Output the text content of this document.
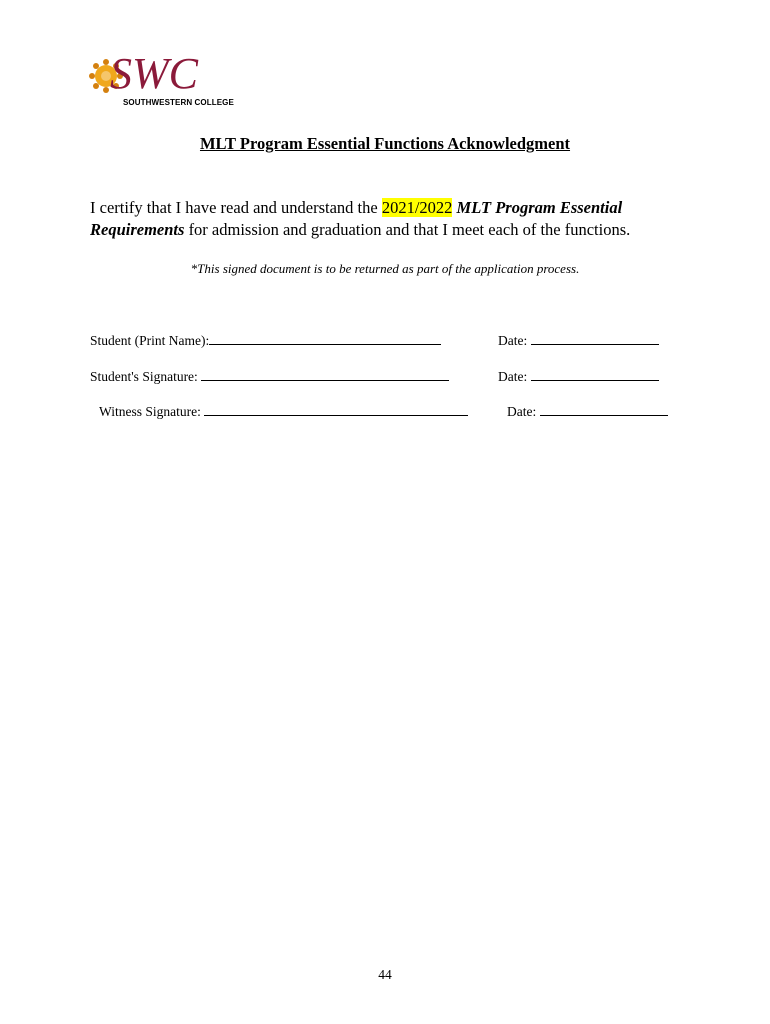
SWC
SOUTHWESTERN COLLEGE
MLT Program Essential Functions Acknowledgment
I certify that I have read and understand the 2021/2022 MLT Program Essential Requirements for admission and graduation and that I meet each of the functions.
*This signed document is to be returned as part of the application process.
Student (Print Name):	Date:
Student's Signature:	Date:
Witness Signature:	Date:
44
